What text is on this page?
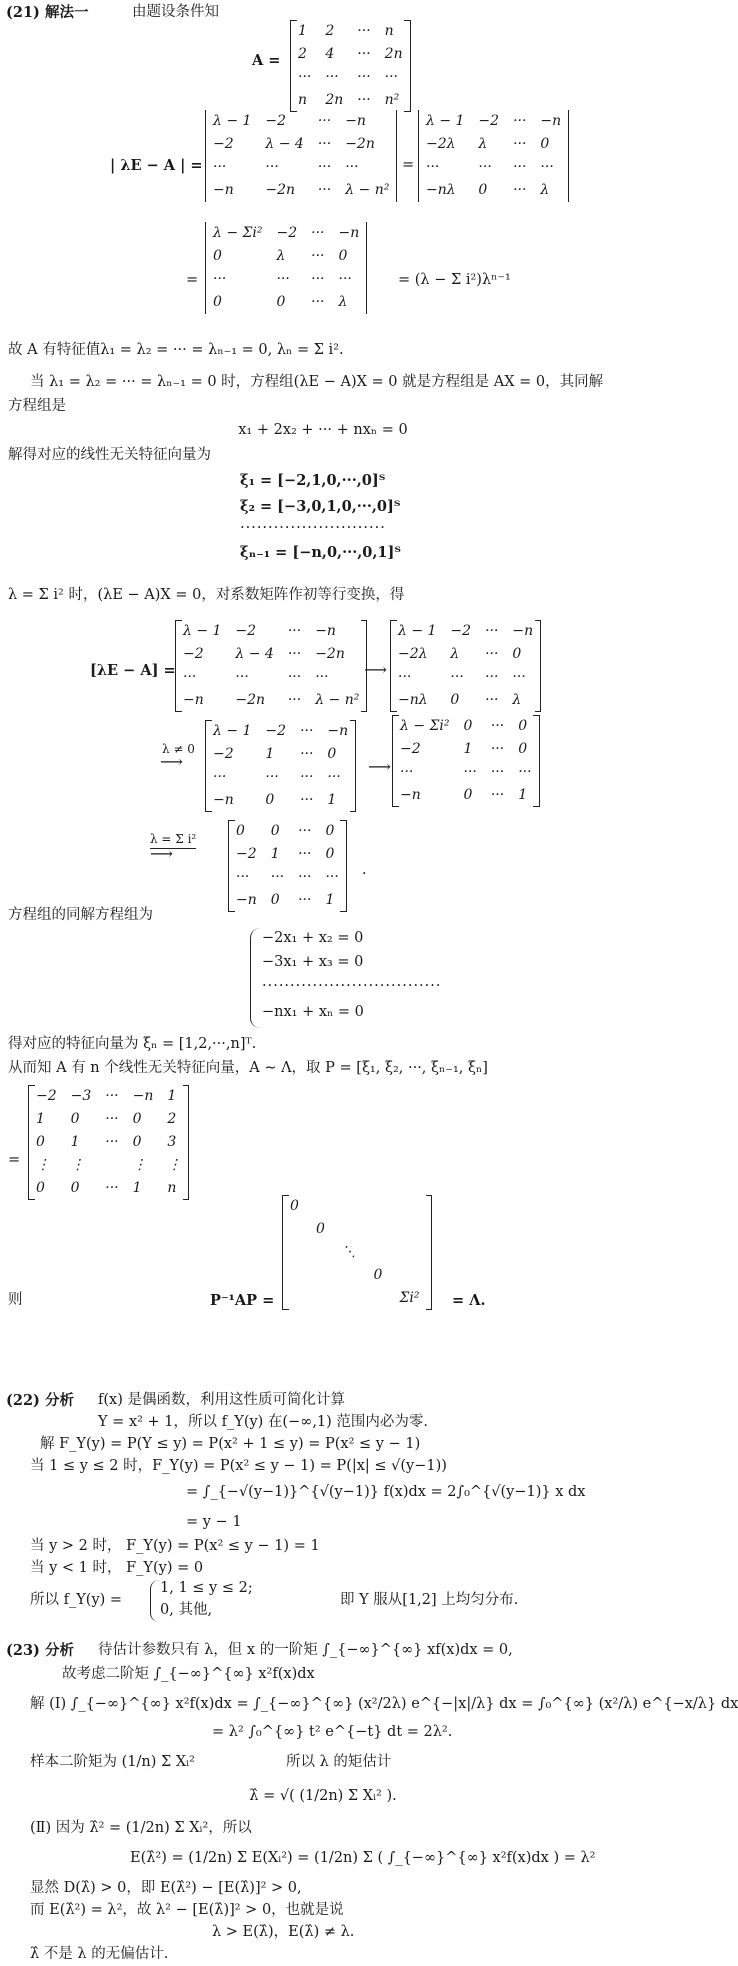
(21) 解法一	由题设条件知
A =
1	2	···	n
2	4	···	2n
···	···	···	···
n	2n	···	n²

| λE − A | =
λ − 1	−2	···	−n
−2	λ − 4	···	−2n
···	···	···	···
−n	−2n	···	λ − n²
=
λ − 1	−2	···	−n
−2λ	λ	···	0
···	···	···	···
−nλ	0	···	λ
=
λ − Σi²	−2	···	−n
0	λ	···	0
···	···	···	···
0	0	···	λ
= (λ − Σ i²)λⁿ⁻¹
故 A 有特征值λ₁ = λ₂ = ··· = λₙ₋₁ = 0, λₙ = Σ i².
当 λ₁ = λ₂ = ··· = λₙ₋₁ = 0 时，方程组(λE − A)X = 0 就是方程组是 AX = 0，其同解
方程组是
x₁ + 2x₂ + ··· + nxₙ = 0
解得对应的线性无关特征向量为
ξ₁ = [−2,1,0,···,0]ᵀ
ξ₂ = [−3,0,1,0,···,0]ᵀ
··························
ξₙ₋₁ = [−n,0,···,0,1]ᵀ
λ = Σ i² 时，(λE − A)X = 0，对系数矩阵作初等行变换，得
[λE − A] =
λ − 1	−2	···	−n
−2	λ − 4	···	−2n
···	···	···	···
−n	−2n	···	λ − n²

⟶
λ − 1	−2	···	−n
−2λ	λ	···	0
···	···	···	···
−nλ	0	···	λ

λ ≠ 0
⟶
λ − 1	−2	···	−n
−2	1	···	0
···	···	···	···
−n	0	···	1

⟶
λ − Σi²	0	···	0
−2	1	···	0
···	···	···	···
−n	0	···	1

λ = Σ i²
⟶
0	0	···	0
−2	1	···	0
···	···	···	···
−n	0	···	1

.
方程组的同解方程组为
−2x₁ + x₂ = 0
−3x₁ + x₃ = 0
································
−nx₁ + xₙ = 0
得对应的特征向量为 ξₙ = [1,2,···,n]ᵀ.
从而知 A 有 n 个线性无关特征向量，A ∼ Λ，取 P = [ξ₁, ξ₂, ···, ξₙ₋₁, ξₙ]
=
−2	−3	···	−n	1
1	0	···	0	2
0	1	···	0	3
⋮	⋮		⋮	⋮
0	0	···	1	n

则	P⁻¹AP =
0				
	0			
		⋱		
			0	
				Σi² = Λ.
(22) 分析 f(x) 是偶函数，利用这性质可简化计算
Y = x² + 1，所以 f_Y(y) 在(−∞,1) 范围内必为零.
解 F_Y(y) = P(Y ≤ y) = P(x² + 1 ≤ y) = P(x² ≤ y − 1)
当 1 ≤ y ≤ 2 时，F_Y(y) = P(x² ≤ y − 1) = P(|x| ≤ √(y−1))
= ∫_{−√(y−1)}^{√(y−1)} f(x)dx = 2∫₀^{√(y−1)} x dx
= y − 1
当 y > 2 时， F_Y(y) = P(x² ≤ y − 1) = 1
当 y < 1 时， F_Y(y) = 0
所以 f_Y(y) =
1, 1 ≤ y ≤ 2;
0, 其他,
即 Y 服从[1,2] 上均匀分布.
(23) 分析 待估计参数只有 λ，但 x 的一阶矩 ∫_{−∞}^{∞} xf(x)dx = 0,
故考虑二阶矩 ∫_{−∞}^{∞} x²f(x)dx
解 (Ⅰ) ∫_{−∞}^{∞} x²f(x)dx = ∫_{−∞}^{∞} (x²/2λ) e^{−|x|/λ} dx = ∫₀^{∞} (x²/λ) e^{−x/λ} dx
= λ² ∫₀^{∞} t² e^{−t} dt = 2λ².
样本二阶矩为 (1/n) Σ Xᵢ²	所以 λ 的矩估计
λ̂ = √( (1/2n) Σ Xᵢ² ).
(Ⅱ) 因为 λ̂² = (1/2n) Σ Xᵢ²，所以
E(λ̂²) = (1/2n) Σ E(Xᵢ²) = (1/2n) Σ ( ∫_{−∞}^{∞} x²f(x)dx ) = λ²
显然 D(λ̂) > 0，即 E(λ̂²) − [E(λ̂)]² > 0,
而 E(λ̂²) = λ²，故 λ² − [E(λ̂)]² > 0，也就是说
λ > E(λ̂)，E(λ̂) ≠ λ.
λ̂ 不是 λ 的无偏估计.
